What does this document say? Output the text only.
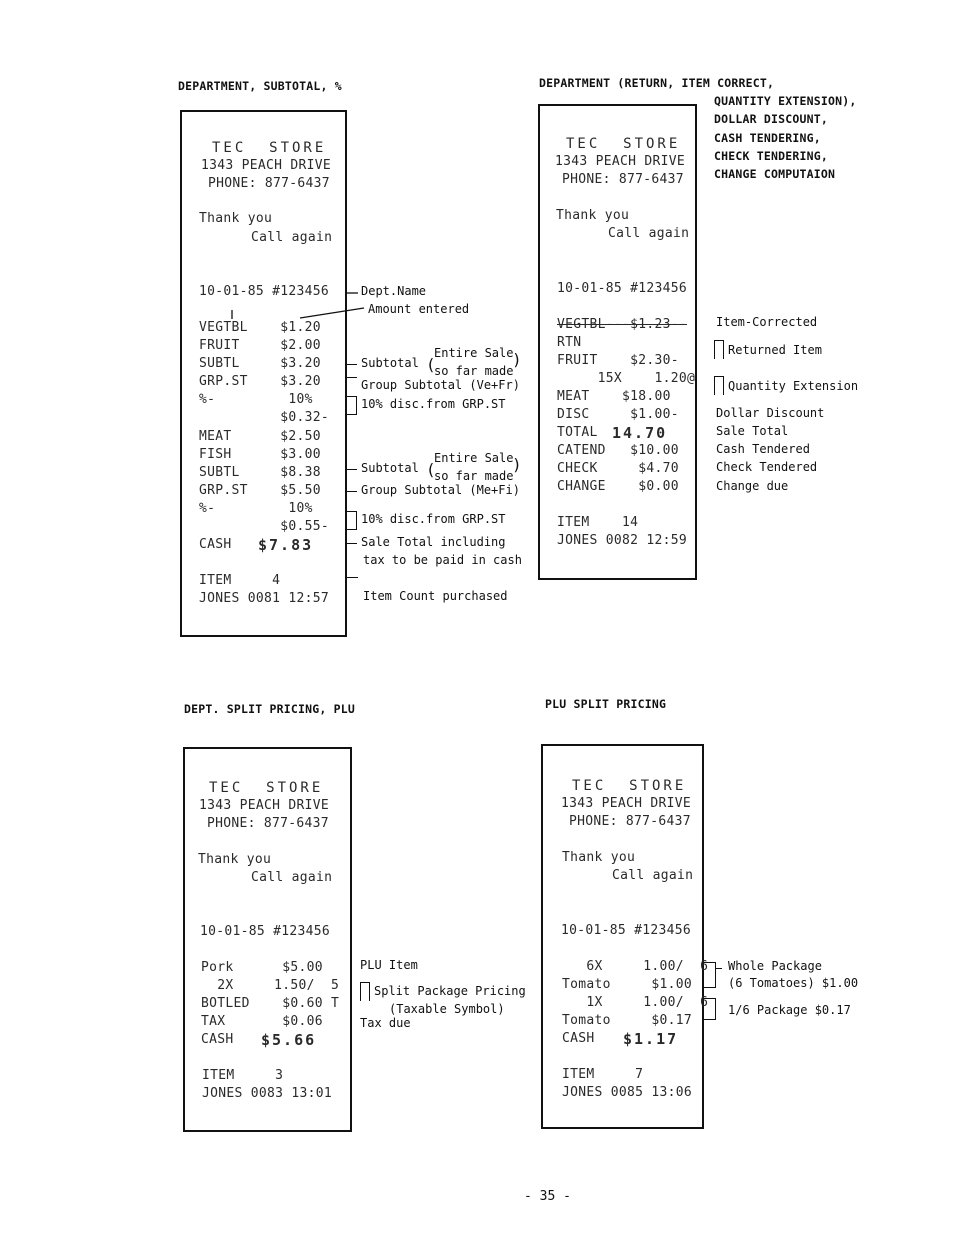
DEPARTMENT, SUBTOTAL, %	DEPARTMENT (RETURN, ITEM CORRECT,
QUANTITY EXTENSION),
DOLLAR DISCOUNT,
CASH TENDERING,
CHECK TENDERING,
CHANGE COMPUTAION
DEPT. SPLIT PRICING, PLU	PLU SPLIT PRICING
TEC  STORE
1343 PEACH DRIVE
PHONE: 877-6437
Thank you
Call again
10-01-85 #123456
VEGTBL    $1.20
FRUIT     $2.00
SUBTL     $3.20
GRP.ST    $3.20
%-         10%
$0.32-
MEAT      $2.50
FISH      $3.00
SUBTL     $8.38
GRP.ST    $5.50
%-         10%
$0.55-
CASH $7.83
ITEM     4
JONES 0081 12:57
Dept.Name
Amount entered
Subtotal (
Entire Sale
so far made
)
Group Subtotal (Ve+Fr)
10% disc.from GRP.ST
Subtotal (
Entire Sale
so far made
)
Group Subtotal (Me+Fi)
10% disc.from GRP.ST
Sale Total including
tax to be paid in cash
Item Count purchased
TEC  STORE
1343 PEACH DRIVE
PHONE: 877-6437
Thank you
Call again
10-01-85 #123456
VEGTBL---$1.23--
RTN
FRUIT    $2.30-
15X    1.20@
MEAT    $18.00
DISC     $1.00-
TOTAL 14.70
CATEND   $10.00
CHECK     $4.70
CHANGE    $0.00
ITEM    14
JONES 0082 12:59
Item-Corrected
Returned Item
Quantity Extension
Dollar Discount
Sale Total
Cash Tendered
Check Tendered
Change due
TEC  STORE
1343 PEACH DRIVE
PHONE: 877-6437
Thank you
Call again
10-01-85 #123456
Pork      $5.00
2X     1.50/  5
BOTLED    $0.60 T
TAX       $0.06
CASH $5.66
ITEM     3
JONES 0083 13:01
PLU Item
Split Package Pricing
(Taxable Symbol)
Tax due
TEC  STORE
1343 PEACH DRIVE
PHONE: 877-6437
Thank you
Call again
10-01-85 #123456
6X     1.00/  6
Tomato     $1.00
1X     1.00/  6
Tomato     $0.17
CASH $1.17
ITEM     7
JONES 0085 13:06
Whole Package
(6 Tomatoes) $1.00
1/6 Package $0.17
- 35 -
